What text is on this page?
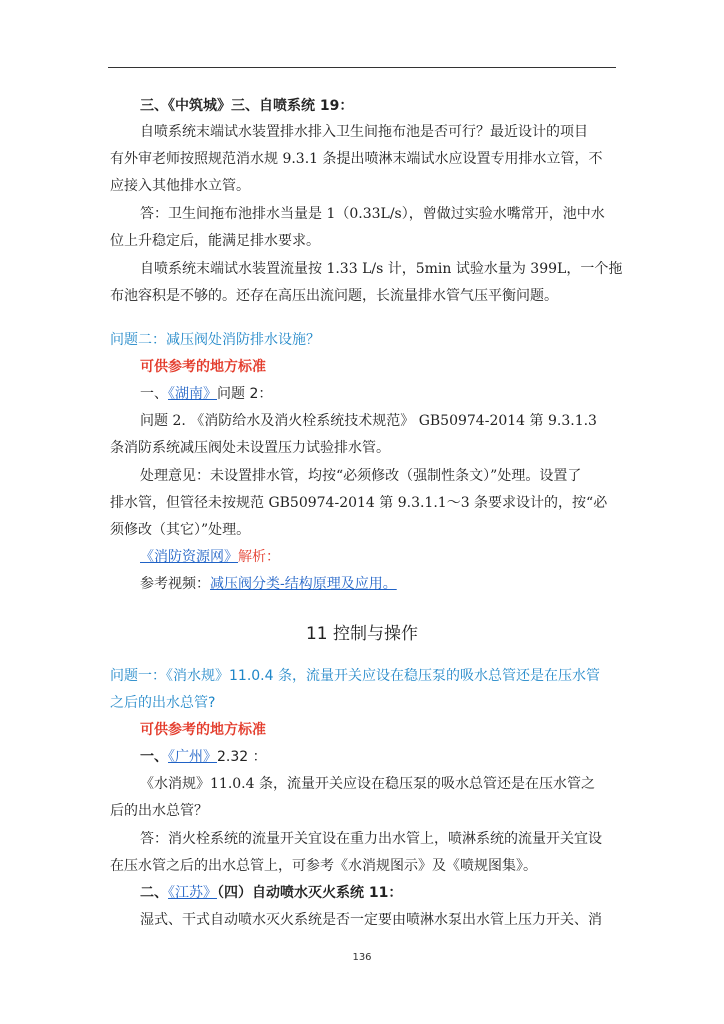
三、《中筑城》三、自喷系统 19：
自喷系统末端试水装置排水排入卫生间拖布池是否可行？最近设计的项目
有外审老师按照规范消水规 9.3.1 条提出喷淋末端试水应设置专用排水立管，不
应接入其他排水立管。
答：卫生间拖布池排水当量是 1（0.33L/s），曾做过实验水嘴常开，池中水
位上升稳定后，能满足排水要求。
自喷系统末端试水装置流量按 1.33 L/s 计，5min 试验水量为 399L，一个拖
布池容积是不够的。还存在高压出流问题，长流量排水管气压平衡问题。
问题二：减压阀处消防排水设施？
可供参考的地方标准
一、《湖南》问题 2：
问题 2. 《消防给水及消火栓系统技术规范》 GB50974-2014 第 9.3.1.3
条消防系统减压阀处未设置压力试验排水管。
处理意见：未设置排水管，均按“必须修改（强制性条文）”处理。设置了
排水管，但管径未按规范 GB50974-2014 第 9.3.1.1～3 条要求设计的，按“必
须修改（其它）”处理。
《消防资源网》解析：
参考视频：减压阀分类-结构原理及应用。
11 控制与操作
问题一：《消水规》11.0.4 条，流量开关应设在稳压泵的吸水总管还是在压水管
之后的出水总管?
可供参考的地方标准
一、《广州》2.32 ：
《水消规》11.0.4 条，流量开关应设在稳压泵的吸水总管还是在压水管之
后的出水总管？
答：消火栓系统的流量开关宜设在重力出水管上，喷淋系统的流量开关宜设
在压水管之后的出水总管上，可参考《水消规图示》及《喷规图集》。
二、《江苏》（四）自动喷水灭火系统 11：
湿式、干式自动喷水灭火系统是否一定要由喷淋水泵出水管上压力开关、消
136
